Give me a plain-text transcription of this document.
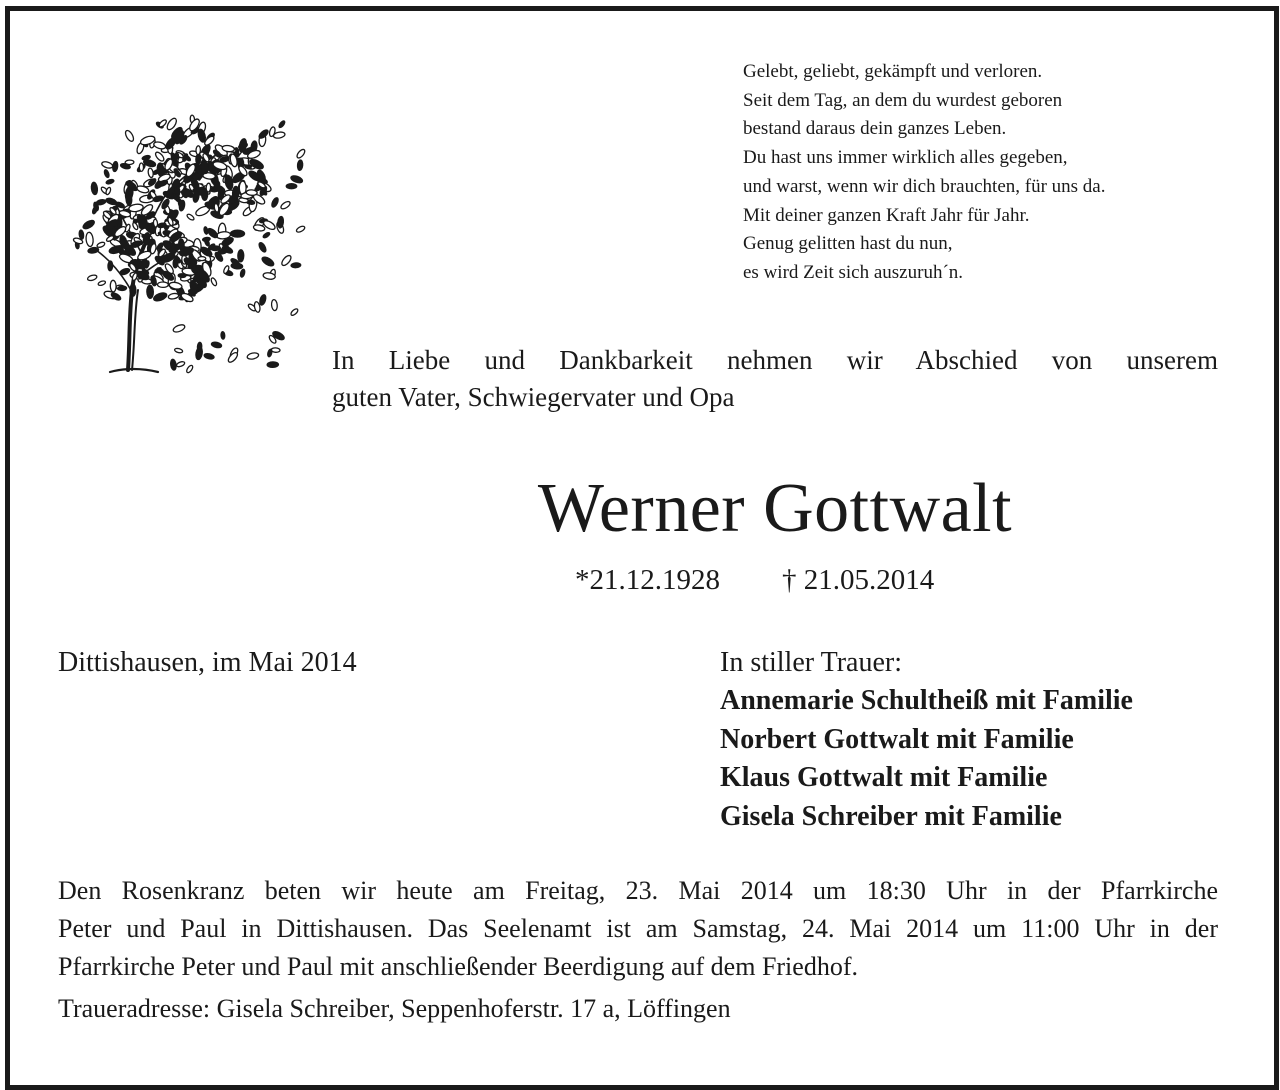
Gelebt, geliebt, gekämpft und verloren.
Seit dem Tag, an dem du wurdest geboren
bestand daraus dein ganzes Leben.
Du hast uns immer wirklich alles gegeben,
und warst, wenn wir dich brauchten, für uns da.
Mit deiner ganzen Kraft Jahr für Jahr.
Genug gelitten hast du nun,
es wird Zeit sich auszuruh´n.
In Liebe und Dankbarkeit nehmen wir Abschied von unserem
guten Vater, Schwiegervater und Opa
Werner Gottwalt
*21.12.1928 † 21.05.2014
Dittishausen, im Mai 2014	In stiller Trauer:
Annemarie Schultheiß mit Familie
Norbert Gottwalt mit Familie
Klaus Gottwalt mit Familie
Gisela Schreiber mit Familie
Den Rosenkranz beten wir heute am Freitag, 23. Mai 2014 um 18:30 Uhr in der Pfarrkirche
Peter und Paul in Dittishausen. Das Seelenamt ist am Samstag, 24. Mai 2014 um 11:00 Uhr in der
Pfarrkirche Peter und Paul mit anschließender Beerdigung auf dem Friedhof.
Traueradresse: Gisela Schreiber, Seppenhoferstr. 17 a, Löffingen
